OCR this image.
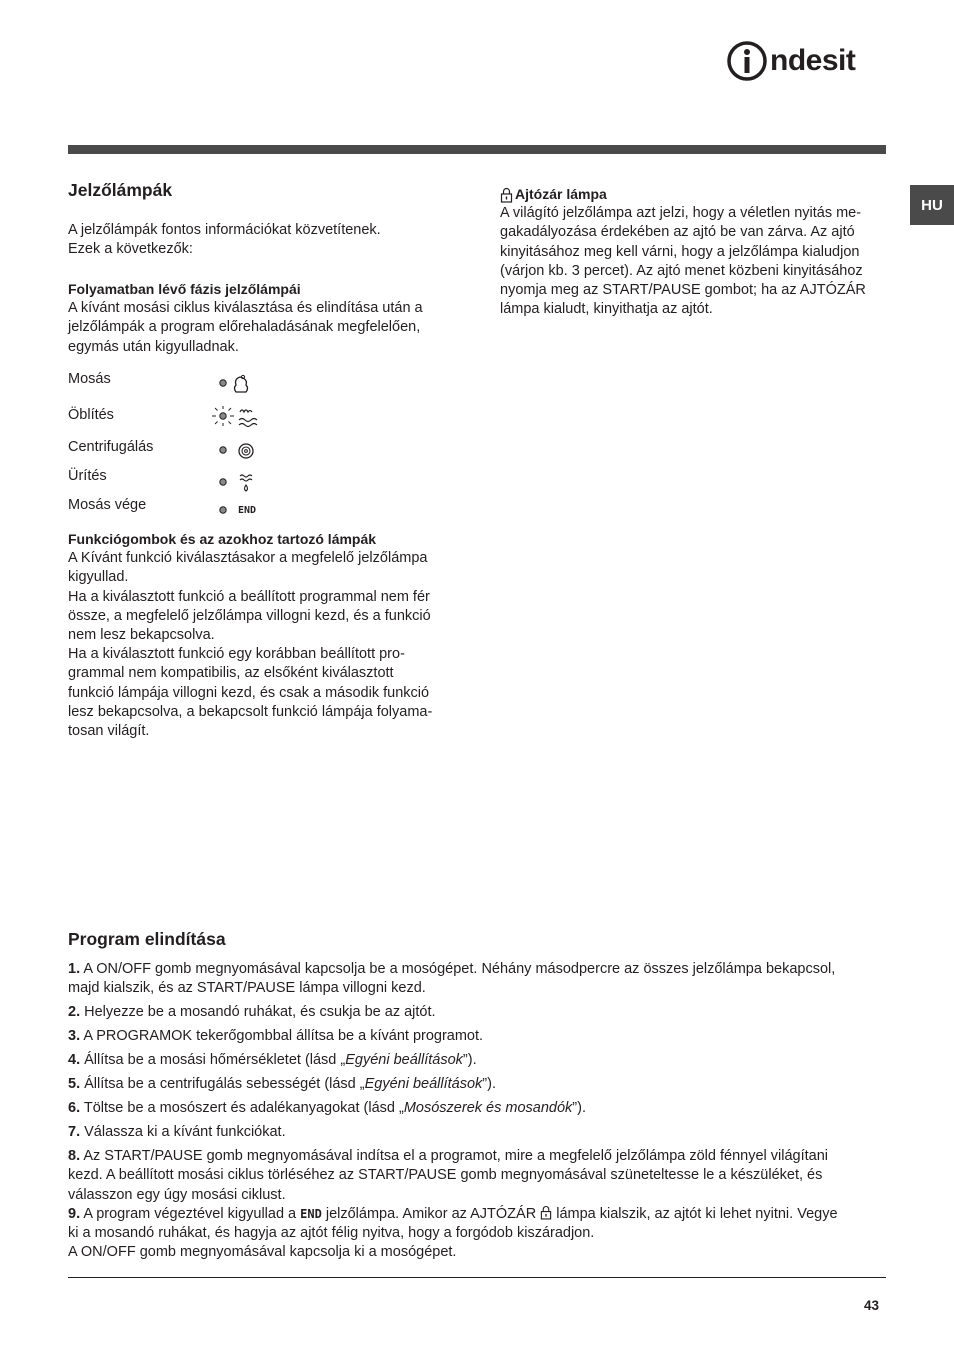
ndesit
HU
Jelzőlámpák
A jelzőlámpák fontos információkat közvetítenek.
Ezek a következők:
Folyamatban lévő fázis jelzőlámpái
A kívánt mosási ciklus kiválasztása és elindítása után a
jelzőlámpák a program előrehaladásának megfelelően,
egymás után kigyulladnak.
Mosás
Öblítés
Centrifugálás
Ürítés
Mosás vége	END
Funkciógombok és az azokhoz tartozó lámpák
A Kívánt funkció kiválasztásakor a megfelelő jelzőlámpa
kigyullad.
Ha a kiválasztott funkció a beállított programmal nem fér
össze, a megfelelő jelzőlámpa villogni kezd, és a funkció
nem lesz bekapcsolva.
Ha a kiválasztott funkció egy korábban beállított pro-
grammal nem kompatibilis, az elsőként kiválasztott
funkció lámpája villogni kezd, és csak a második funkció
lesz bekapcsolva, a bekapcsolt funkció lámpája folyama-
tosan világít.
Ajtózár lámpa
A világító jelzőlámpa azt jelzi, hogy a véletlen nyitás me-
gakadályozása érdekében az ajtó be van zárva. Az ajtó
kinyitásához meg kell várni, hogy a jelzőlámpa kialudjon
(várjon kb. 3 percet). Az ajtó menet közbeni kinyitásához
nyomja meg az START/PAUSE gombot; ha az AJTÓZÁR
lámpa kialudt, kinyithatja az ajtót.
Program elindítása
1. A ON/OFF gomb megnyomásával kapcsolja be a mosógépet. Néhány másodpercre az összes jelzőlámpa bekapcsol,
majd kialszik, és az START/PAUSE lámpa villogni kezd.
2. Helyezze be a mosandó ruhákat, és csukja be az ajtót.
3. A PROGRAMOK tekerőgombbal állítsa be a kívánt programot.
4. Állítsa be a mosási hőmérsékletet (lásd „Egyéni beállítások”).
5. Állítsa be a centrifugálás sebességét (lásd „Egyéni beállítások”).
6. Töltse be a mosószert és adalékanyagokat (lásd „Mosószerek és mosandók”).
7. Válassza ki a kívánt funkciókat.
8. Az START/PAUSE gomb megnyomásával indítsa el a programot, mire a megfelelő jelzőlámpa zöld fénnyel világítani
kezd. A beállított mosási ciklus törléséhez az START/PAUSE gomb megnyomásával szüneteltesse le a készüléket, és
válasszon egy úgy mosási ciklust.
9. A program végeztével kigyullad a END jelzőlámpa. Amikor az AJTÓZÁR  lámpa kialszik, az ajtót ki lehet nyitni. Vegye
ki a mosandó ruhákat, és hagyja az ajtót félig nyitva, hogy a forgódob kiszáradjon.
A ON/OFF gomb megnyomásával kapcsolja ki a mosógépet.
43
